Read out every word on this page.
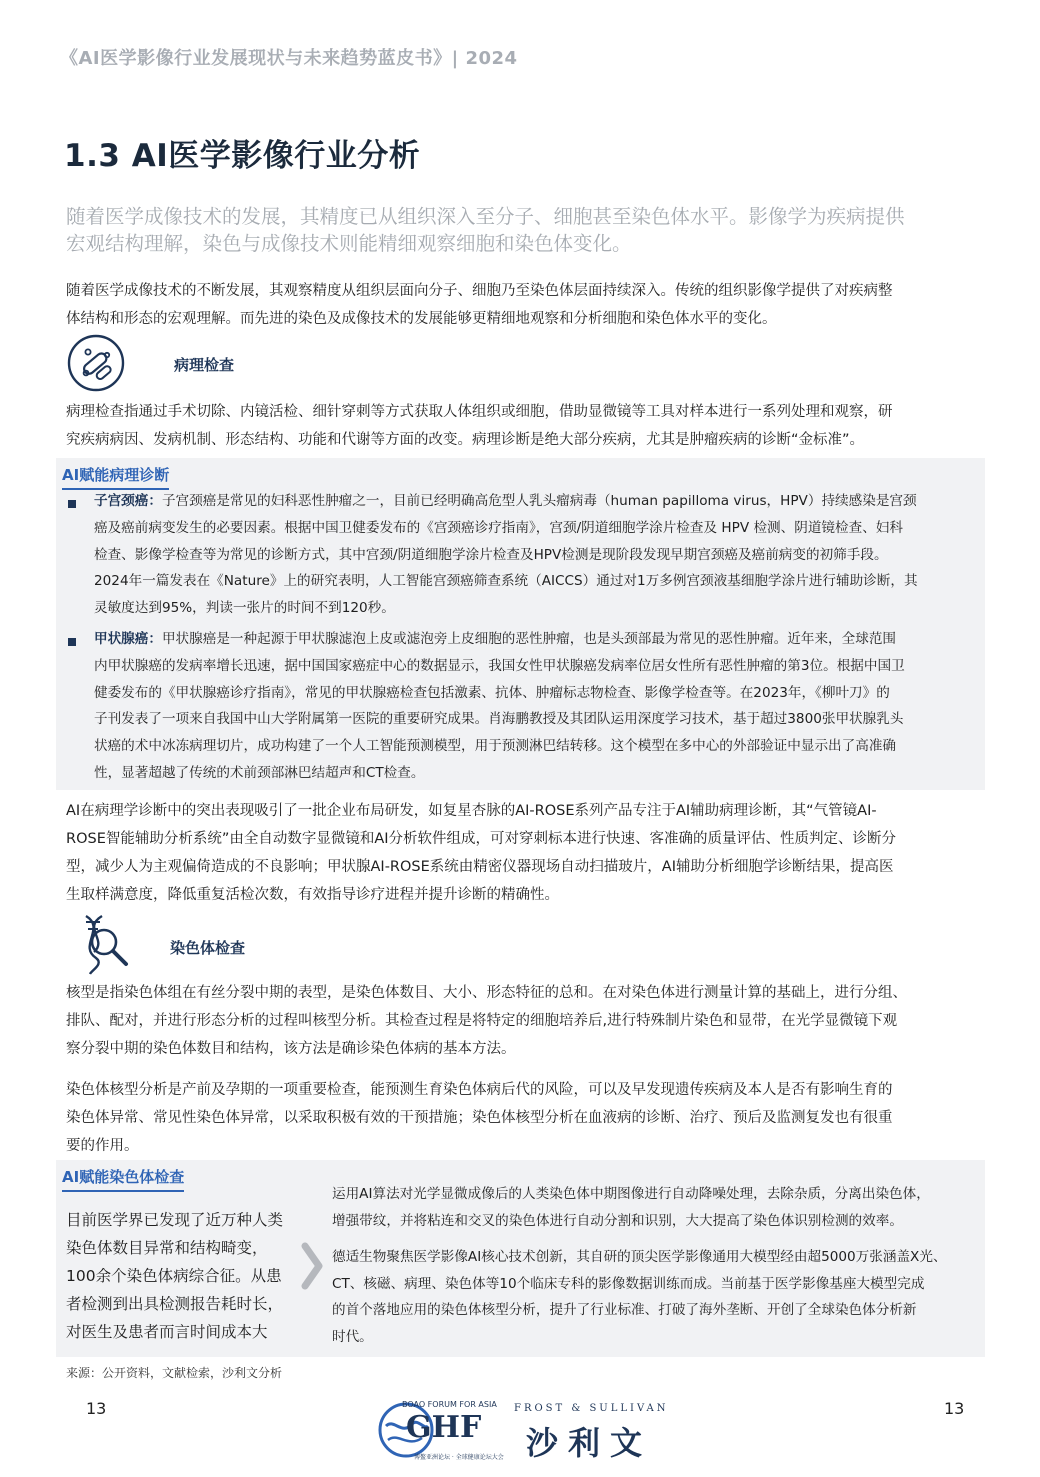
《AI医学影像行业发展现状与未来趋势蓝皮书》| 2024
1.3 AI医学影像行业分析
随着医学成像技术的发展，其精度已从组织深入至分子、细胞甚至染色体水平。影像学为疾病提供
宏观结构理解，染色与成像技术则能精细观察细胞和染色体变化。
随着医学成像技术的不断发展，其观察精度从组织层面向分子、细胞乃至染色体层面持续深入。传统的组织影像学提供了对疾病整
体结构和形态的宏观理解。而先进的染色及成像技术的发展能够更精细地观察和分析细胞和染色体水平的变化。
病理检查
病理检查指通过手术切除、内镜活检、细针穿刺等方式获取人体组织或细胞，借助显微镜等工具对样本进行一系列处理和观察，研
究疾病病因、发病机制、形态结构、功能和代谢等方面的改变。病理诊断是绝大部分疾病，尤其是肿瘤疾病的诊断“金标准”。
AI赋能病理诊断
子宫颈癌：子宫颈癌是常见的妇科恶性肿瘤之一，目前已经明确高危型人乳头瘤病毒（human papilloma virus，HPV）持续感染是宫颈
癌及癌前病变发生的必要因素。根据中国卫健委发布的《宫颈癌诊疗指南》，宫颈/阴道细胞学涂片检查及 HPV 检测、阴道镜检查、妇科
检查、影像学检查等为常见的诊断方式，其中宫颈/阴道细胞学涂片检查及HPV检测是现阶段发现早期宫颈癌及癌前病变的初筛手段。
2024年一篇发表在《Nature》上的研究表明，人工智能宫颈癌筛查系统（AICCS）通过对1万多例宫颈液基细胞学涂片进行辅助诊断，其
灵敏度达到95%，判读一张片的时间不到120秒。
甲状腺癌：甲状腺癌是一种起源于甲状腺滤泡上皮或滤泡旁上皮细胞的恶性肿瘤，也是头颈部最为常见的恶性肿瘤。近年来，全球范围
内甲状腺癌的发病率增长迅速，据中国国家癌症中心的数据显示，我国女性甲状腺癌发病率位居女性所有恶性肿瘤的第3位。根据中国卫
健委发布的《甲状腺癌诊疗指南》，常见的甲状腺癌检查包括激素、抗体、肿瘤标志物检查、影像学检查等。在2023年，《柳叶刀》的
子刊发表了一项来自我国中山大学附属第一医院的重要研究成果。肖海鹏教授及其团队运用深度学习技术，基于超过3800张甲状腺乳头
状癌的术中冰冻病理切片，成功构建了一个人工智能预测模型，用于预测淋巴结转移。这个模型在多中心的外部验证中显示出了高准确
性，显著超越了传统的术前颈部淋巴结超声和CT检查。
AI在病理学诊断中的突出表现吸引了一批企业布局研发，如复星杏脉的AI-ROSE系列产品专注于AI辅助病理诊断，其“气管镜AI-
ROSE智能辅助分析系统”由全自动数字显微镜和AI分析软件组成，可对穿刺标本进行快速、客准确的质量评估、性质判定、诊断分
型，减少人为主观偏倚造成的不良影响；甲状腺AI-ROSE系统由精密仪器现场自动扫描玻片，AI辅助分析细胞学诊断结果，提高医
生取样满意度，降低重复活检次数，有效指导诊疗进程并提升诊断的精确性。
染色体检查
核型是指染色体组在有丝分裂中期的表型，是染色体数目、大小、形态特征的总和。在对染色体进行测量计算的基础上，进行分组、
排队、配对，并进行形态分析的过程叫核型分析。其检查过程是将特定的细胞培养后,进行特殊制片染色和显带，在光学显微镜下观
察分裂中期的染色体数目和结构，该方法是确诊染色体病的基本方法。
染色体核型分析是产前及孕期的一项重要检查，能预测生育染色体病后代的风险，可以及早发现遗传疾病及本人是否有影响生育的
染色体异常、常见性染色体异常，以采取积极有效的干预措施；染色体核型分析在血液病的诊断、治疗、预后及监测复发也有很重
要的作用。
AI赋能染色体检查
目前医学界已发现了近万种人类
染色体数目异常和结构畸变，
100余个染色体病综合征。从患
者检测到出具检测报告耗时长，
对医生及患者而言时间成本大
运用AI算法对光学显微成像后的人类染色体中期图像进行自动降噪处理，去除杂质，分离出染色体，
增强带纹，并将粘连和交叉的染色体进行自动分割和识别，大大提高了染色体识别检测的效率。
德适生物聚焦医学影像AI核心技术创新，其自研的顶尖医学影像通用大模型经由超5000万张涵盖X光、
CT、核磁、病理、染色体等10个临床专科的影像数据训练而成。当前基于医学影像基座大模型完成
的首个落地应用的染色体核型分析，提升了行业标准、打破了海外垄断、开创了全球染色体分析新
时代。
来源：公开资料，文献检索，沙利文分析
13	13
BOAO FORUM FOR ASIA
GHF
博鳌亚洲论坛 · 全球健康论坛大会
FROST & SULLIVAN
沙利文
